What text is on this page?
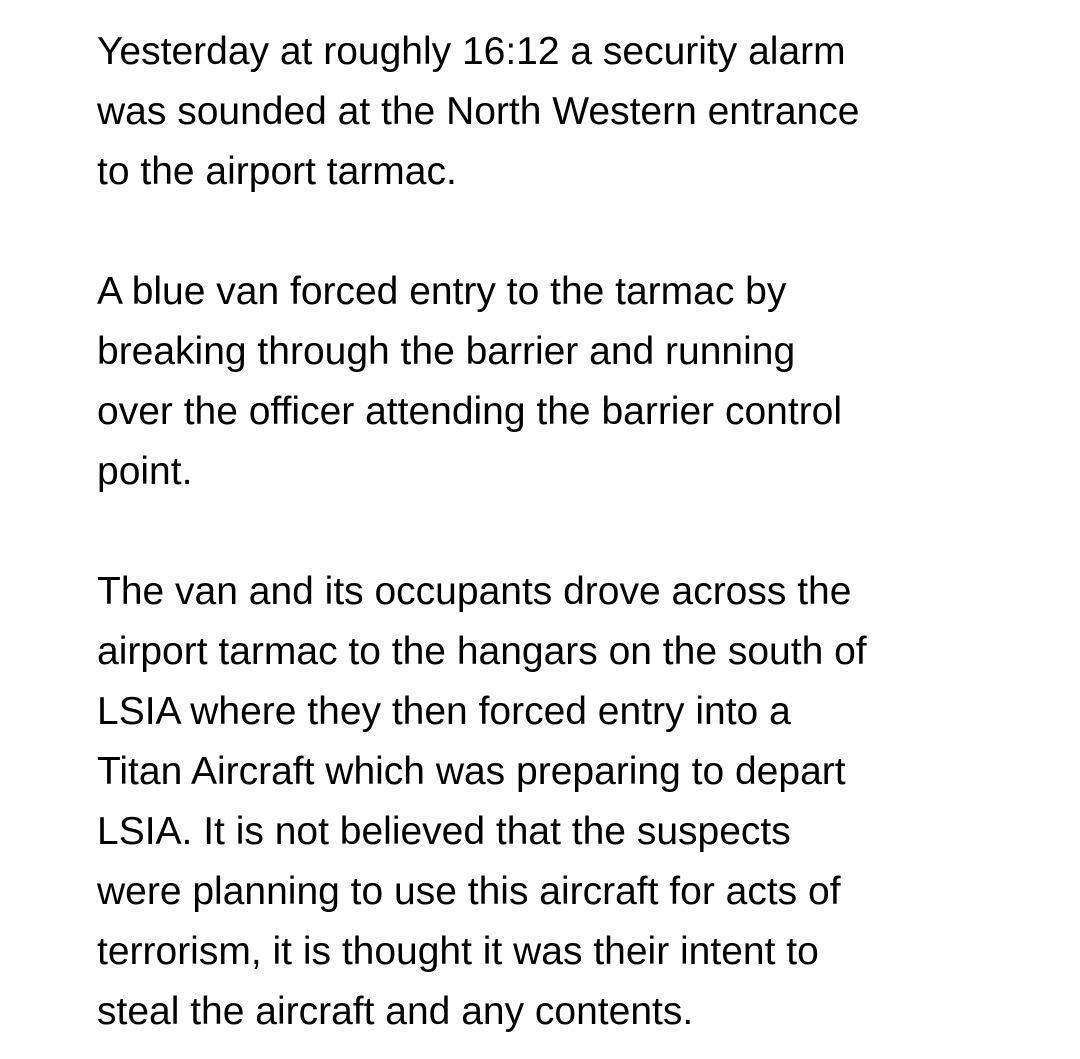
Yesterday at roughly 16:12 a security alarm
was sounded at the North Western entrance
to the airport tarmac.

A blue van forced entry to the tarmac by
breaking through the barrier and running
over the officer attending the barrier control
point.

The van and its occupants drove across the
airport tarmac to the hangars on the south of
LSIA where they then forced entry into a
Titan Aircraft which was preparing to depart
LSIA. It is not believed that the suspects
were planning to use this aircraft for acts of
terrorism, it is thought it was their intent to
steal the aircraft and any contents.
